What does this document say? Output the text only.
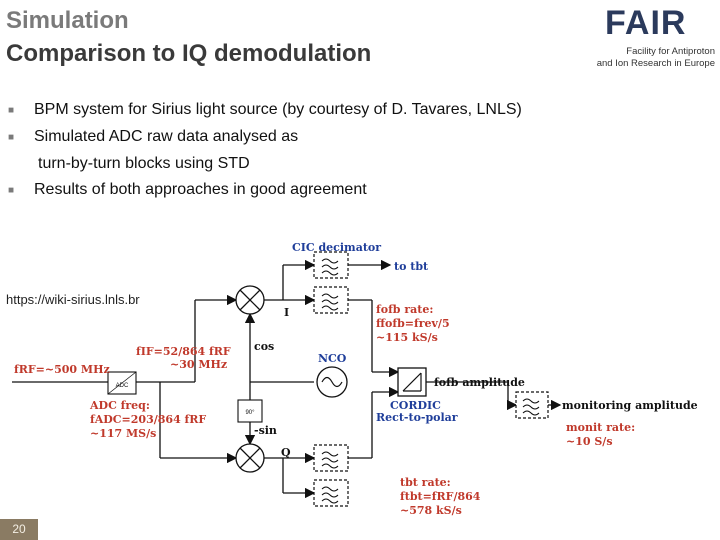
Simulation
Comparison to IQ demodulation
FAIR
Facility for Antiproton
and Ion Research in Europe
■	BPM system for Sirius light source (by courtesy of D. Tavares, LNLS)
■	Simulated ADC raw data analysed as
turn-by-turn blocks using STD
■	Results of both approaches in good agreement
https://wiki-sirius.lnls.br
ADC
90°
CIC decimator
to tbt
fofb rate:
ffofb=frev/5
~115 kS/s
I
Q
fIF=52/864 fRF
~30 MHz
fRF=~500 MHz
cos
-sin
NCO
ADC freq:
fADC=203/864 fRF
~117 MS/s
fofb amplitude
CORDIC
Rect-to-polar
monitoring amplitude
monit rate:
~10 S/s
tbt rate:
ftbt=fRF/864
~578 kS/s
20
